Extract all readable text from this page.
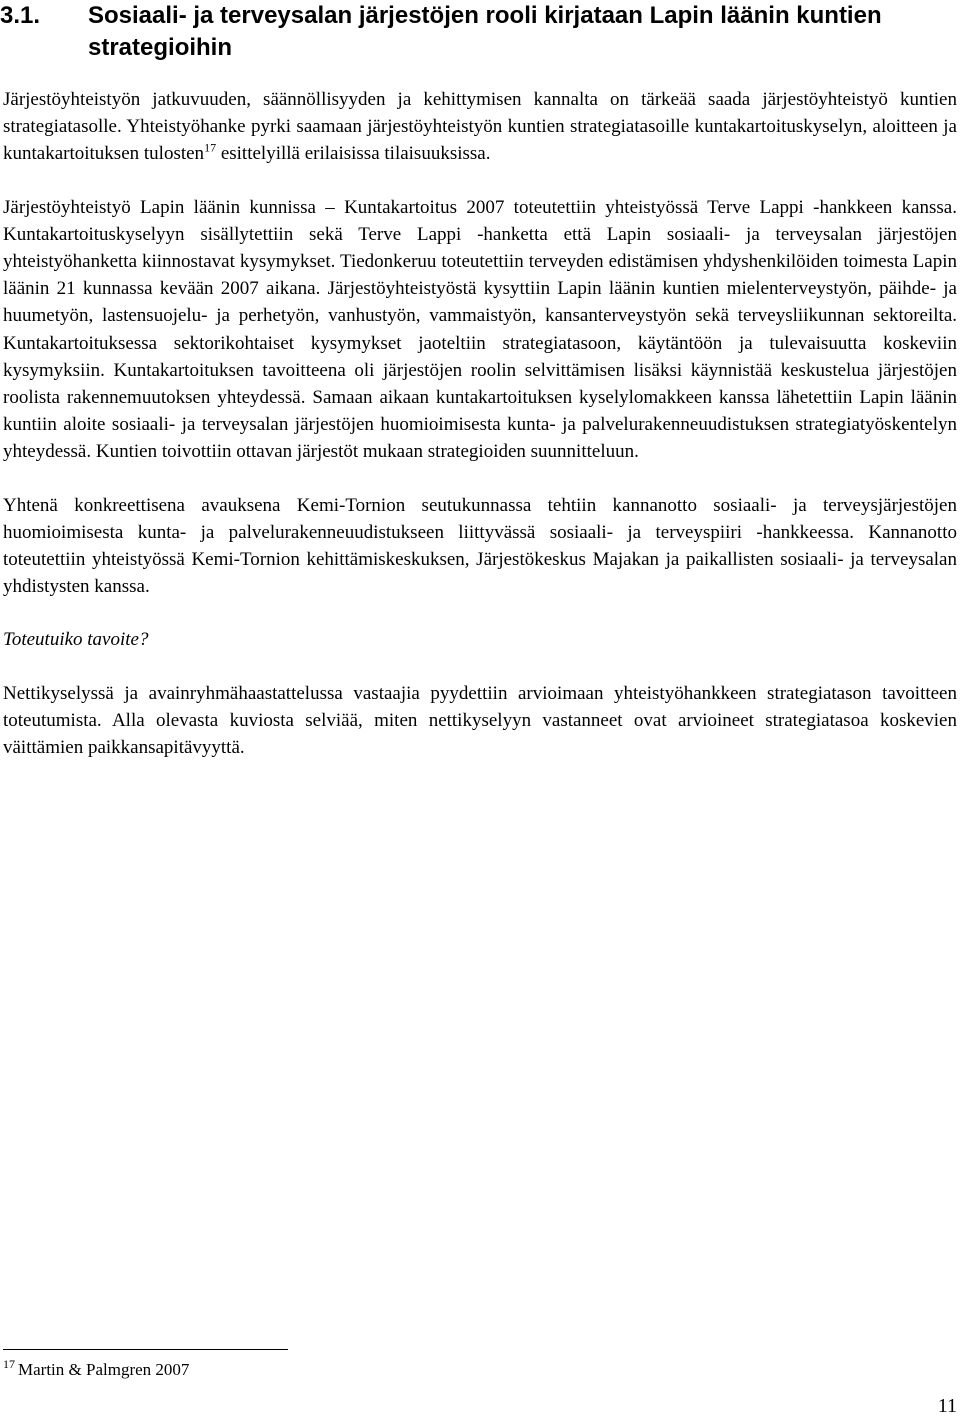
3.1.	Sosiaali- ja terveysalan järjestöjen rooli kirjataan Lapin läänin kuntien strategioihin

Järjestöyhteistyön jatkuvuuden, säännöllisyyden ja kehittymisen kannalta on tärkeää saada järjestöyhteistyö kuntien strategiatasolle. Yhteistyöhanke pyrki saamaan järjestöyhteistyön kuntien strategiatasoille kuntakartoituskyselyn, aloitteen ja kuntakartoituksen tulosten$^{17}$ esittelyillä erilaisissa tilaisuuksissa.

Järjestöyhteistyö Lapin läänin kunnissa – Kuntakartoitus 2007 toteutettiin yhteistyössä Terve Lappi -hankkeen kanssa. Kuntakartoituskyselyyn sisällytettiin sekä Terve Lappi -hanketta että Lapin sosiaali- ja terveysalan järjestöjen yhteistyöhanketta kiinnostavat kysymykset. Tiedonkeruu toteutettiin terveyden edistämisen yhdyshenkilöiden toimesta Lapin läänin 21 kunnassa kevään 2007 aikana. Järjestöyhteistyöstä kysyttiin Lapin läänin kuntien mielenterveystyön, päihde- ja huumetyön, lastensuojelu- ja perhetyön, vanhustyön, vammaistyön, kansanterveystyön sekä terveysliikunnan sektoreilta. Kuntakartoituksessa sektorikohtaiset kysymykset jaoteltiin strategiatasoon, käytäntöön ja tulevaisuutta koskeviin kysymyksiin. Kuntakartoituksen tavoitteena oli järjestöjen roolin selvittämisen lisäksi käynnistää keskustelua järjestöjen roolista rakennemuutoksen yhteydessä. Samaan aikaan kuntakartoituksen kyselylomakkeen kanssa lähetettiin Lapin läänin kuntiin aloite sosiaali- ja terveysalan järjestöjen huomioimisesta kunta- ja palvelurakenneuudistuksen strategiatyöskentelyn yhteydessä. Kuntien toivottiin ottavan järjestöt mukaan strategioiden suunnitteluun.

Yhtenä konkreettisena avauksena Kemi-Tornion seutukunnassa tehtiin kannanotto sosiaali- ja terveysjärjestöjen huomioimisesta kunta- ja palvelurakenneuudistukseen liittyvässä sosiaali- ja terveyspiiri -hankkeessa. Kannanotto toteutettiin yhteistyössä Kemi-Tornion kehittämiskeskuksen, Järjestökeskus Majakan ja paikallisten sosiaali- ja terveysalan yhdistysten kanssa.

Toteutuiko tavoite?

Nettikyselyssä ja avainryhmähaastattelussa vastaajia pyydettiin arvioimaan yhteistyöhankkeen strategiatason tavoitteen toteutumista. Alla olevasta kuviosta selviää, miten nettikyselyyn vastanneet ovat arvioineet strategiatasoa koskevien väittämien paikkansapitävyyttä.

$^{17}$ Martin & Palmgren 2007
11
